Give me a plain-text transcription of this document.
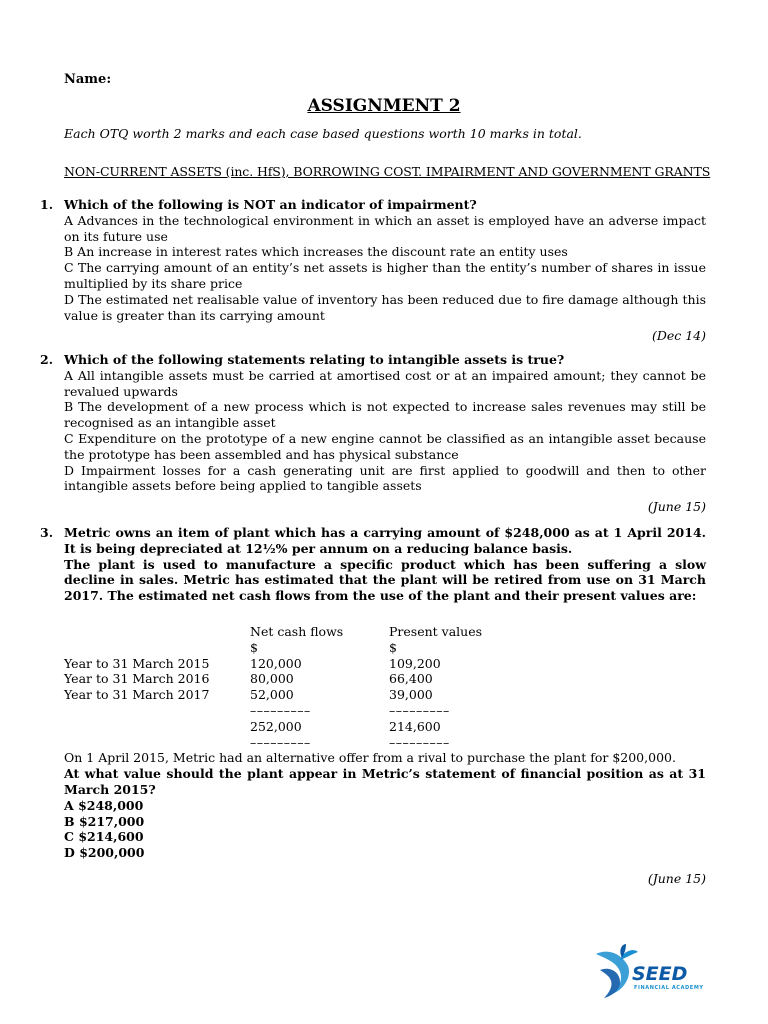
Name:
ASSIGNMENT 2
Each OTQ worth 2 marks and each case based questions worth 10 marks in total.
NON-CURRENT ASSETS (inc. HfS), BORROWING COST. IMPAIRMENT AND GOVERNMENT GRANTS
1. Which of the following is NOT an indicator of impairment?
A Advances in the technological environment in which an asset is employed have an adverse impact on its future use
B An increase in interest rates which increases the discount rate an entity uses
C The carrying amount of an entity’s net assets is higher than the entity’s number of shares in issue multiplied by its share price
D The estimated net realisable value of inventory has been reduced due to fire damage although this value is greater than its carrying amount
(Dec 14)
2. Which of the following statements relating to intangible assets is true?
A All intangible assets must be carried at amortised cost or at an impaired amount; they cannot be revalued upwards
B The development of a new process which is not expected to increase sales revenues may still be recognised as an intangible asset
C Expenditure on the prototype of a new engine cannot be classified as an intangible asset because the prototype has been assembled and has physical substance
D Impairment losses for a cash generating unit are first applied to goodwill and then to other intangible assets before being applied to tangible assets
(June 15)
3. Metric owns an item of plant which has a carrying amount of $248,000 as at 1 April 2014. It is being depreciated at 12½% per annum on a reducing balance basis.
The plant is used to manufacture a specific product which has been suffering a slow decline in sales. Metric has estimated that the plant will be retired from use on 31 March 2017. The estimated net cash flows from the use of the plant and their present values are:
	Net cash flows	Present values
	$	$
Year to 31 March 2015	120,000	109,200
Year to 31 March 2016	80,000	66,400
Year to 31 March 2017	52,000	39,000
	–––––––––	–––––––––
	252,000	214,600
	–––––––––	–––––––––
On 1 April 2015, Metric had an alternative offer from a rival to purchase the plant for $200,000.
At what value should the plant appear in Metric’s statement of financial position as at 31 March 2015?
A $248,000
B $217,000
C $214,600
D $200,000
(June 15)
SEED
FINANCIAL ACADEMY
